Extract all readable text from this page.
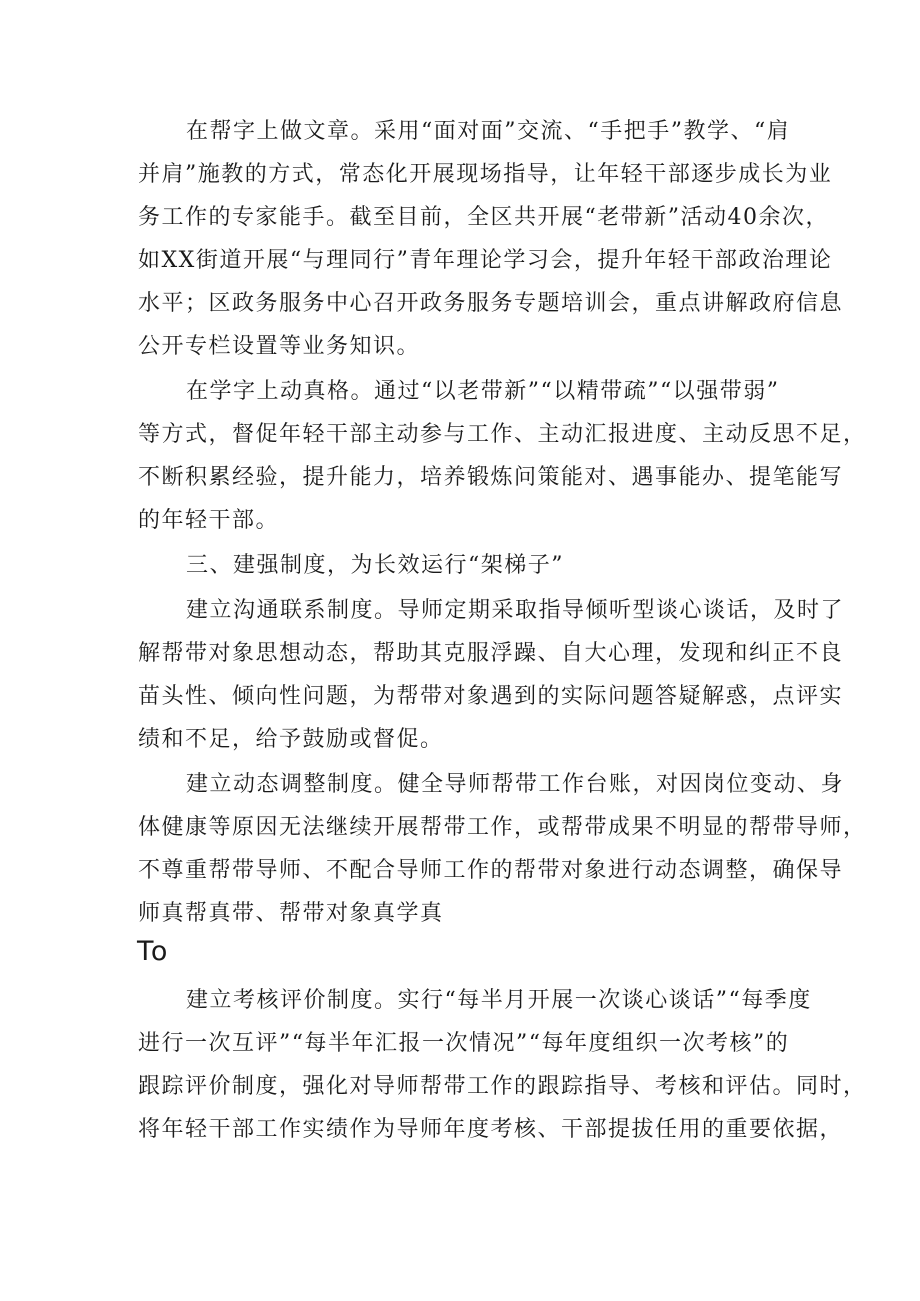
在帮字上做文章。采用“面对面”交流、“手把手”教学、“肩
并肩”施教的方式，常态化开展现场指导，让年轻干部逐步成长为业
务工作的专家能手。截至目前，全区共开展“老带新”活动40余次，
如XX街道开展“与理同行”青年理论学习会，提升年轻干部政治理论
水平；区政务服务中心召开政务服务专题培训会，重点讲解政府信息
公开专栏设置等业务知识。
在学字上动真格。通过“以老带新”“以精带疏”“以强带弱”
等方式，督促年轻干部主动参与工作、主动汇报进度、主动反思不足，
不断积累经验，提升能力，培养锻炼问策能对、遇事能办、提笔能写
的年轻干部。
三、建强制度，为长效运行“架梯子”
建立沟通联系制度。导师定期采取指导倾听型谈心谈话，及时了
解帮带对象思想动态，帮助其克服浮躁、自大心理，发现和纠正不良
苗头性、倾向性问题，为帮带对象遇到的实际问题答疑解惑，点评实
绩和不足，给予鼓励或督促。
建立动态调整制度。健全导师帮带工作台账，对因岗位变动、身
体健康等原因无法继续开展帮带工作，或帮带成果不明显的帮带导师，
不尊重帮带导师、不配合导师工作的帮带对象进行动态调整，确保导
师真帮真带、帮带对象真学真
To
建立考核评价制度。实行“每半月开展一次谈心谈话”“每季度
进行一次互评”“每半年汇报一次情况”“每年度组织一次考核”的
跟踪评价制度，强化对导师帮带工作的跟踪指导、考核和评估。同时，
将年轻干部工作实绩作为导师年度考核、干部提拔任用的重要依据，
